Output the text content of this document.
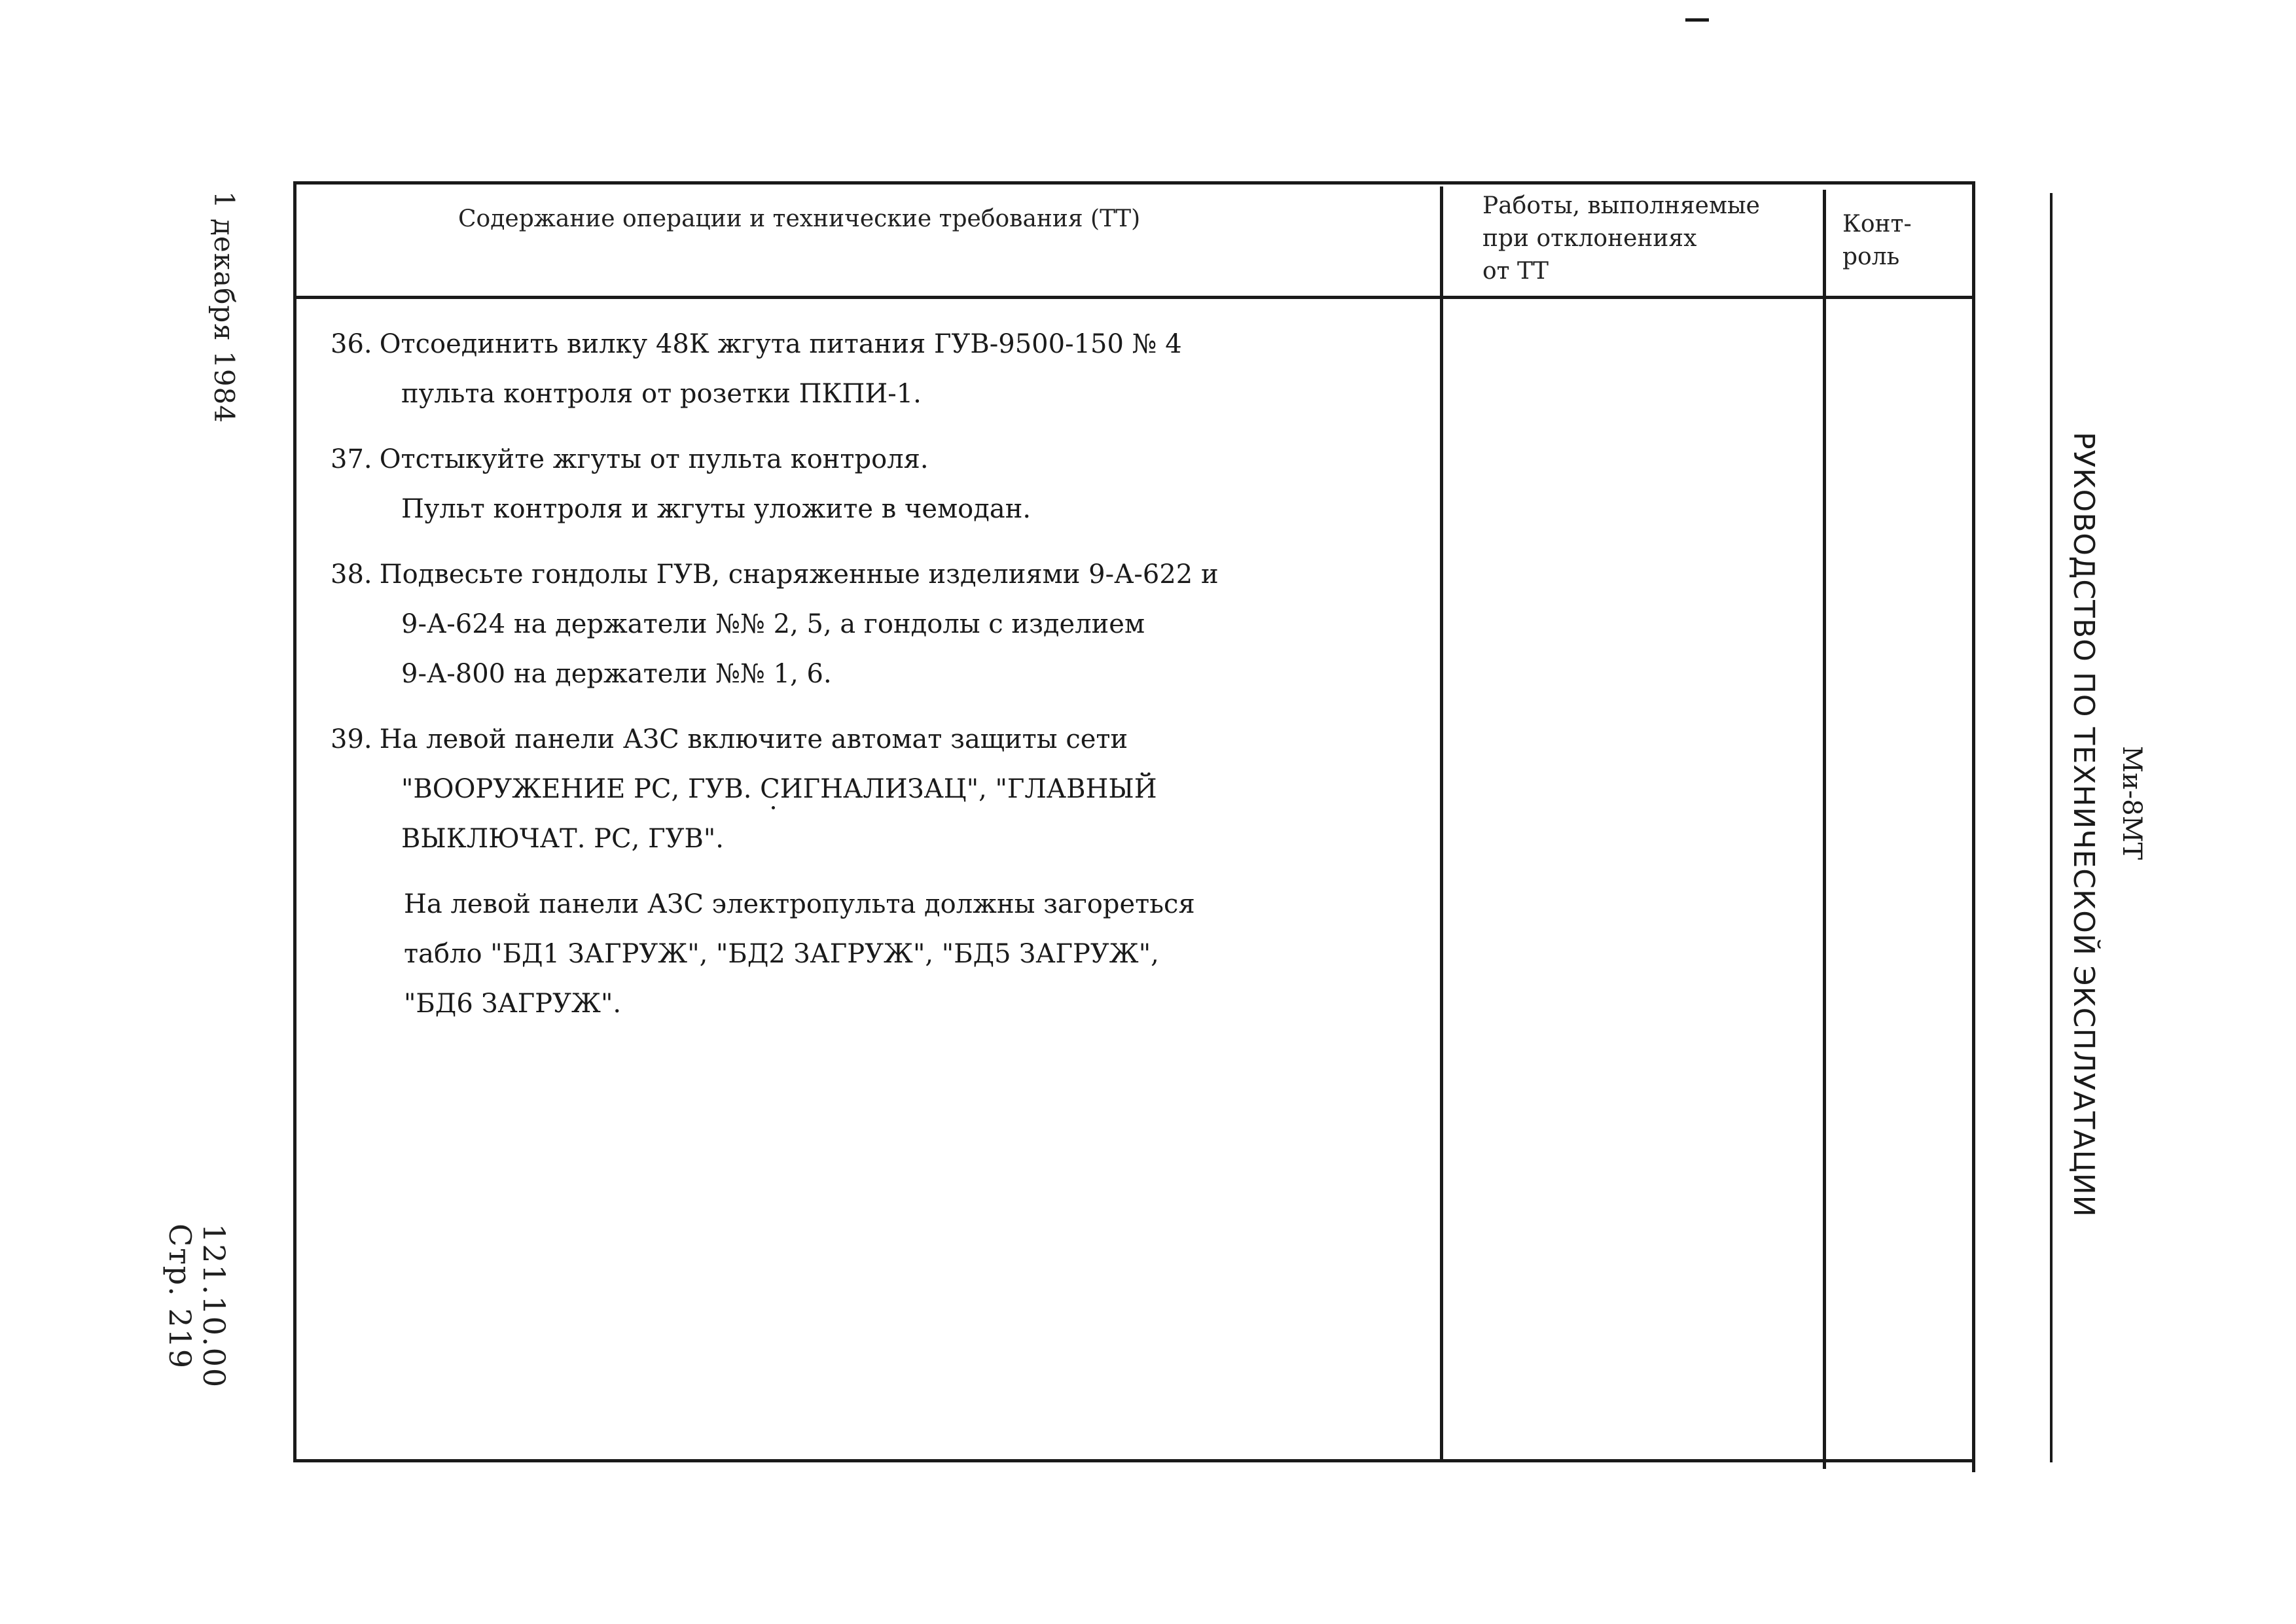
1 декабря 1984
121.10.00
Стр. 219
РУКОВОДСТВО ПО ТЕХНИЧЕСКОЙ ЭКСПЛУАТАЦИИ Ми-8МТ
Содержание операции и технические требования (ТТ)	Работы, выполняемые
при отклонениях
от ТТ
Конт-
роль
36. Отсоединить вилку 48К жгута питания ГУВ-9500-150 № 4
пульта контроля от розетки ПКПИ-1.
37. Отстыкуйте жгуты от пульта контроля.
Пульт контроля и жгуты уложите в чемодан.
38. Подвесьте гондолы ГУВ, снаряженные изделиями 9-А-622 и
9-А-624 на держатели №№ 2, 5, а гондолы с изделием
9-А-800 на держатели №№ 1, 6.
39. На левой панели АЗС включите автомат защиты сети
"ВООРУЖЕНИЕ РС, ГУВ. СИГНАЛИЗАЦ", "ГЛАВНЫЙ
ВЫКЛЮЧАТ. РС, ГУВ".
На левой панели АЗС электропульта должны загореться
табло "БД1 ЗАГРУЖ", "БД2 ЗАГРУЖ", "БД5 ЗАГРУЖ",
"БД6 ЗАГРУЖ".
